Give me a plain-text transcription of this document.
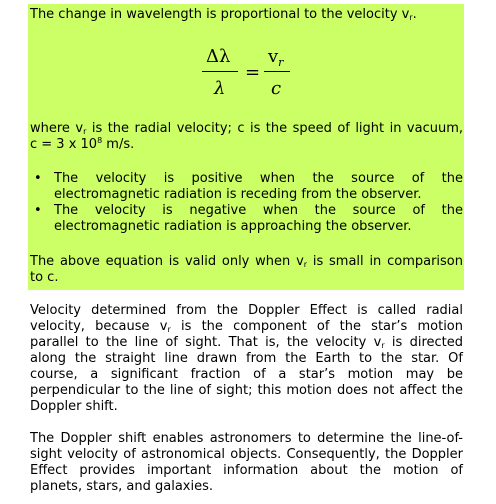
The change in wavelength is proportional to the velocity $v_r$.
Δλ
λ
=
$v_r$
c
where $v_r$ is the radial velocity; c is the speed of light in vacuum,
c = 3 x $10^8$ m/s.
• The velocity is positive when the source of the
electromagnetic radiation is receding from the observer.
• The velocity is negative when the source of the
electromagnetic radiation is approaching the observer.
The above equation is valid only when $v_r$ is small in comparison
to c.
Velocity determined from the Doppler Effect is called radial
velocity, because $v_r$ is the component of the star’s motion
parallel to the line of sight. That is, the velocity $v_r$ is directed
along the straight line drawn from the Earth to the star. Of
course, a significant fraction of a star’s motion may be
perpendicular to the line of sight; this motion does not affect the
Doppler shift.
The Doppler shift enables astronomers to determine the line-of-
sight velocity of astronomical objects. Consequently, the Doppler
Effect provides important information about the motion of
planets, stars, and galaxies.
